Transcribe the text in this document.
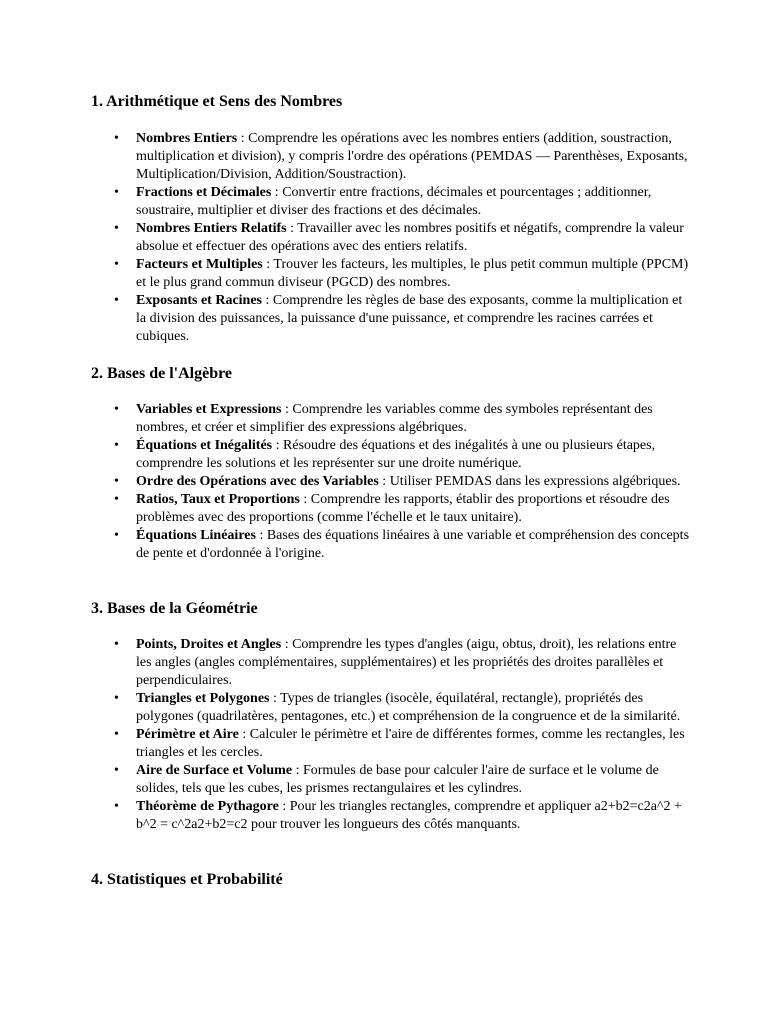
1. Arithmétique et Sens des Nombres
• Nombres Entiers : Comprendre les opérations avec les nombres entiers (addition, soustraction, multiplication et division), y compris l'ordre des opérations (PEMDAS — Parenthèses, Exposants, Multiplication/Division, Addition/Soustraction).
• Fractions et Décimales : Convertir entre fractions, décimales et pourcentages ; additionner, soustraire, multiplier et diviser des fractions et des décimales.
• Nombres Entiers Relatifs : Travailler avec les nombres positifs et négatifs, comprendre la valeur absolue et effectuer des opérations avec des entiers relatifs.
• Facteurs et Multiples : Trouver les facteurs, les multiples, le plus petit commun multiple (PPCM) et le plus grand commun diviseur (PGCD) des nombres.
• Exposants et Racines : Comprendre les règles de base des exposants, comme la multiplication et la division des puissances, la puissance d'une puissance, et comprendre les racines carrées et cubiques.
2. Bases de l'Algèbre
• Variables et Expressions : Comprendre les variables comme des symboles représentant des nombres, et créer et simplifier des expressions algébriques.
• Équations et Inégalités : Résoudre des équations et des inégalités à une ou plusieurs étapes, comprendre les solutions et les représenter sur une droite numérique.
• Ordre des Opérations avec des Variables : Utiliser PEMDAS dans les expressions algébriques.
• Ratios, Taux et Proportions : Comprendre les rapports, établir des proportions et résoudre des problèmes avec des proportions (comme l'échelle et le taux unitaire).
• Équations Linéaires : Bases des équations linéaires à une variable et compréhension des concepts de pente et d'ordonnée à l'origine.
3. Bases de la Géométrie
• Points, Droites et Angles : Comprendre les types d'angles (aigu, obtus, droit), les relations entre les angles (angles complémentaires, supplémentaires) et les propriétés des droites parallèles et perpendiculaires.
• Triangles et Polygones : Types de triangles (isocèle, équilatéral, rectangle), propriétés des polygones (quadrilatères, pentagones, etc.) et compréhension de la congruence et de la similarité.
• Périmètre et Aire : Calculer le périmètre et l'aire de différentes formes, comme les rectangles, les triangles et les cercles.
• Aire de Surface et Volume : Formules de base pour calculer l'aire de surface et le volume de solides, tels que les cubes, les prismes rectangulaires et les cylindres.
• Théorème de Pythagore : Pour les triangles rectangles, comprendre et appliquer a2+b2=c2a^2 + b^2 = c^2a2+b2=c2 pour trouver les longueurs des côtés manquants.
4. Statistiques et Probabilité
